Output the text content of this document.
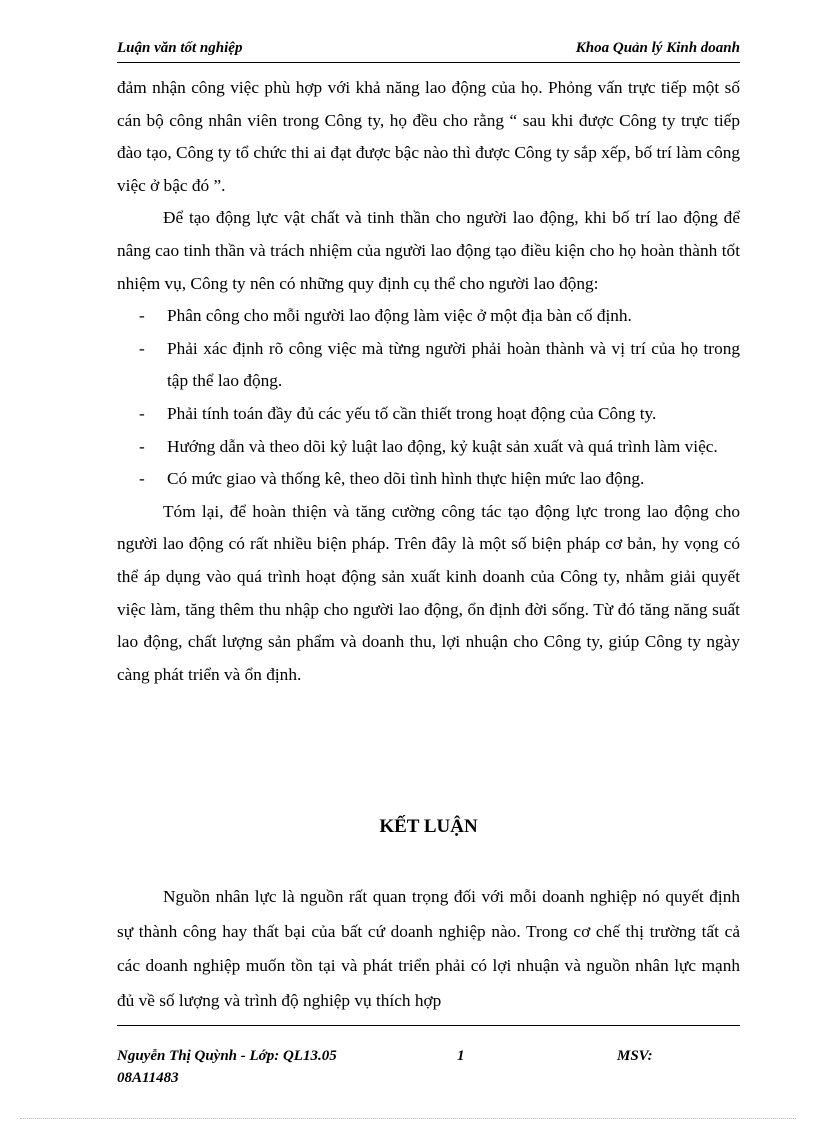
Luận văn tốt nghiệp	Khoa Quản lý Kinh doanh

đảm nhận công việc phù hợp với khả năng lao động của họ. Phỏng vấn trực tiếp một số cán bộ công nhân viên trong Công ty, họ đều cho rằng “ sau khi được Công ty trực tiếp đào tạo, Công ty tổ chức thi ai đạt được bậc nào thì được Công ty sắp xếp, bố trí làm công việc ở bậc đó ”.

Để tạo động lực vật chất và tinh thần cho người lao động, khi bố trí lao động để nâng cao tinh thần và trách nhiệm của người lao động tạo điều kiện cho họ hoàn thành tốt nhiệm vụ, Công ty nên có những quy định cụ thể cho người lao động:

- Phân công cho mỗi người lao động làm việc ở một địa bàn cố định.
- Phải xác định rõ công việc mà từng người phải hoàn thành và vị trí của họ trong tập thể lao động.
- Phải tính toán đầy đủ các yếu tố cần thiết trong hoạt động của Công ty.
- Hướng dẫn và theo dõi kỷ luật lao động, kỷ kuật sản xuất và quá trình làm việc.
- Có mức giao và thống kê, theo dõi tình hình thực hiện mức lao động.

Tóm lại, để hoàn thiện và tăng cường công tác tạo động lực trong lao động cho người lao động có rất nhiều biện pháp. Trên đây là một số biện pháp cơ bản, hy vọng có thể áp dụng vào quá trình hoạt động sản xuất kinh doanh của Công ty, nhằm giải quyết việc làm, tăng thêm thu nhập cho người lao động, ổn định đời sống. Từ đó tăng năng suất lao động, chất lượng sản phẩm và doanh thu, lợi nhuận cho Công ty, giúp Công ty ngày càng phát triển và ổn định.

KẾT LUẬN

Nguồn nhân lực là nguồn rất quan trọng đối với mỗi doanh nghiệp nó quyết định sự thành công hay thất bại của bất cứ doanh nghiệp nào. Trong cơ chế thị trường tất cả các doanh nghiệp muốn tồn tại và phát triển phải có lợi nhuận và nguồn nhân lực mạnh đủ về số lượng và trình độ nghiệp vụ thích hợp

Nguyễn Thị Quỳnh - Lớp: QL13.05	1	MSV:
08A11483
